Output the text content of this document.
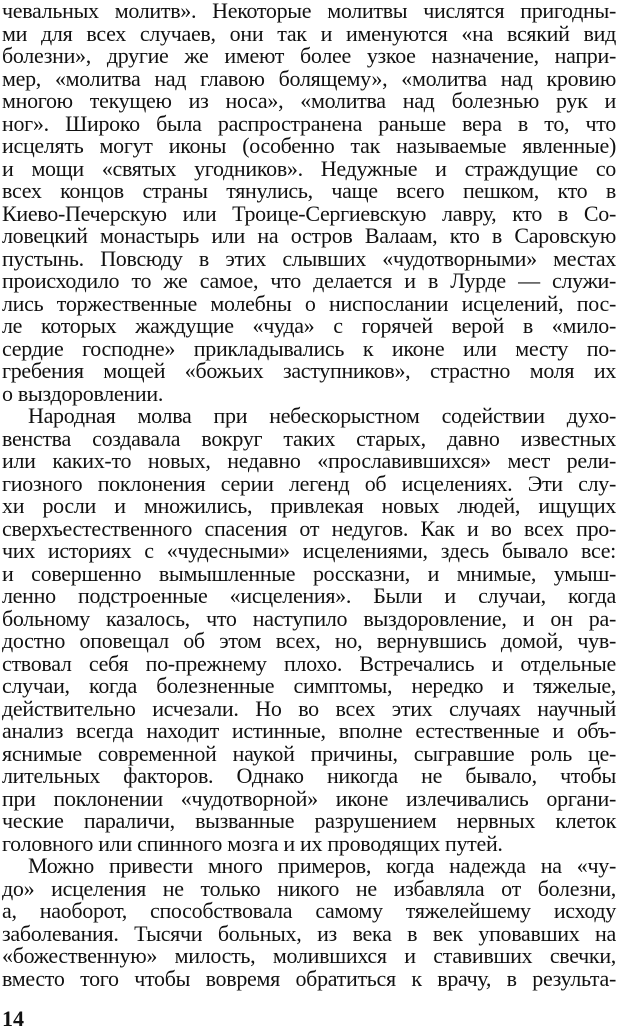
чевальных молитв». Некоторые молитвы числятся пригодны-
ми для всех случаев, они так и именуются «на всякий вид
болезни», другие же имеют более узкое назначение, напри-
мер, «молитва над главою болящему», «молитва над кровию
многою текущею из носа», «молитва над болезнью рук и
ног». Широко была распространена раньше вера в то, что
исцелять могут иконы (особенно так называемые явленные)
и мощи «святых угодников». Недужные и страждущие со
всех концов страны тянулись, чаще всего пешком, кто в
Киево-Печерскую или Троице-Сергиевскую лавру, кто в Со-
ловецкий монастырь или на остров Валаам, кто в Саровскую
пустынь. Повсюду в этих слывших «чудотворными» местах
происходило то же самое, что делается и в Лурде — служи-
лись торжественные молебны о ниспослании исцелений, пос-
ле которых жаждущие «чуда» с горячей верой в «мило-
сердие господне» прикладывались к иконе или месту по-
гребения мощей «божьих заступников», страстно моля их
о выздоровлении.
Народная молва при небескорыстном содействии духо-
венства создавала вокруг таких старых, давно известных
или каких-то новых, недавно «прославившихся» мест рели-
гиозного поклонения серии легенд об исцелениях. Эти слу-
хи росли и множились, привлекая новых людей, ищущих
сверхъестественного спасения от недугов. Как и во всех про-
чих историях с «чудесными» исцелениями, здесь бывало все:
и совершенно вымышленные россказни, и мнимые, умыш-
ленно подстроенные «исцеления». Были и случаи, когда
больному казалось, что наступило выздоровление, и он ра-
достно оповещал об этом всех, но, вернувшись домой, чув-
ствовал себя по-прежнему плохо. Встречались и отдельные
случаи, когда болезненные симптомы, нередко и тяжелые,
действительно исчезали. Но во всех этих случаях научный
анализ всегда находит истинные, вполне естественные и объ-
яснимые современной наукой причины, сыгравшие роль це-
лительных факторов. Однако никогда не бывало, чтобы
при поклонении «чудотворной» иконе излечивались органи-
ческие параличи, вызванные разрушением нервных клеток
головного или спинного мозга и их проводящих путей.
Можно привести много примеров, когда надежда на «чу-
до» исцеления не только никого не избавляла от болезни,
а, наоборот, способствовала самому тяжелейшему исходу
заболевания. Тысячи больных, из века в век уповавших на
«божественную» милость, молившихся и ставивших свечки,
вместо того чтобы вовремя обратиться к врачу, в результа-
14
